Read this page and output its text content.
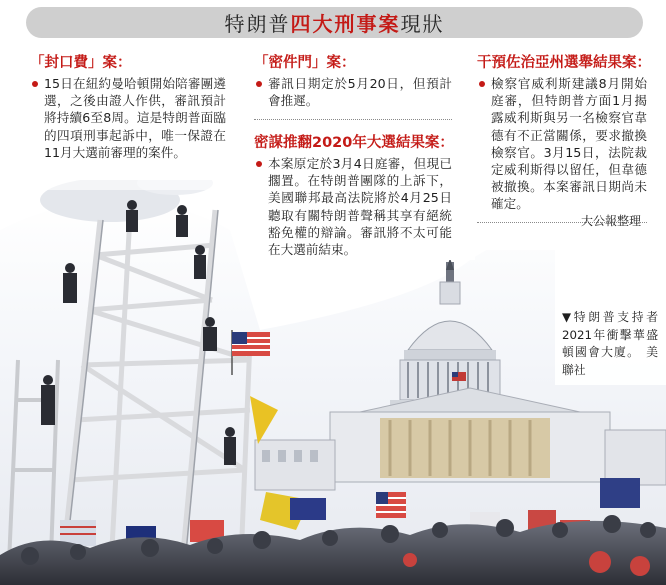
特朗普 四大刑事案 現狀
「封口費」案：
15日在紐約曼哈頓開始陪審團遴選，之後由證人作供，審訊預計將持續6至8周。這是特朗普面臨的四項刑事起訴中，唯一保證在11月大選前審理的案件。
「密件門」案：
審訊日期定於5月20日，但預計會推遲。
密謀推翻2020年大選結果案：
本案原定於3月4日庭審，但現已擱置。在特朗普團隊的上訴下，美國聯邦最高法院將於4月25日聽取有關特朗普聲稱其享有絕統豁免權的辯論。審訊將不太可能在大選前結束。
干預佐治亞州選舉結果案：
檢察官威利斯建議8月開始庭審，但特朗普方面1月揭露威利斯與另一名檢察官韋德有不正當關係，要求撤換檢察官。3月15日，法院裁定威利斯得以留任，但韋德被撤換。本案審訊日期尚未確定。
大公報整理
▼特朗普支持者2021年衝擊華盛頓國會大廈。 美聯社
